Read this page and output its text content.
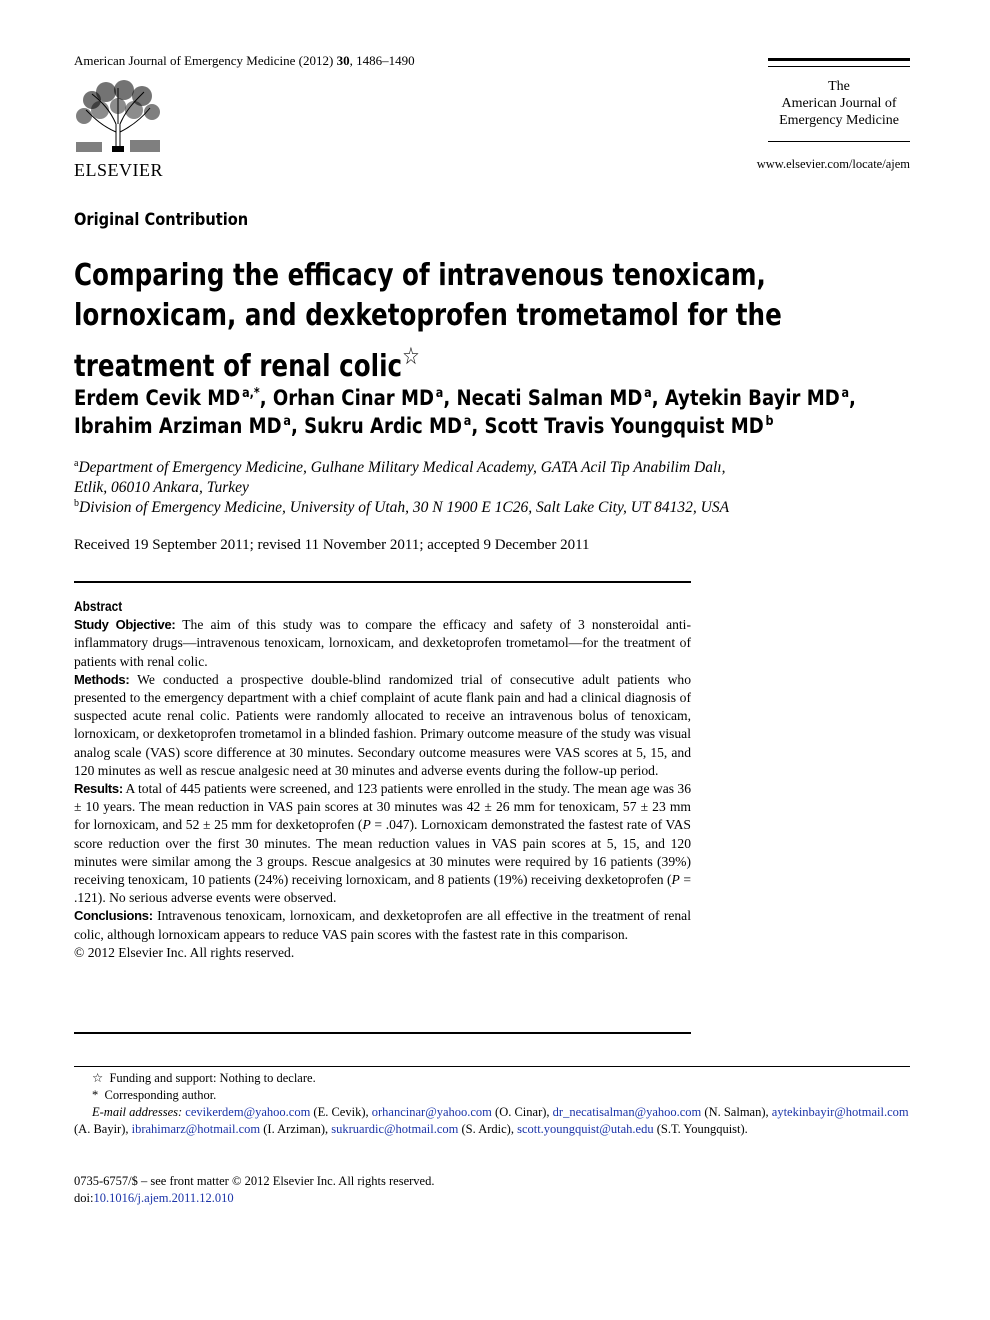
American Journal of Emergency Medicine (2012) 30, 1486–1490
ELSEVIER
The
American Journal of
Emergency Medicine
www.elsevier.com/locate/ajem
Original Contribution
Comparing the efficacy of intravenous tenoxicam,
lornoxicam, and dexketoprofen trometamol for the
treatment of renal colic☆
Erdem Cevik MD  $^{a,*}$, Orhan Cinar MD  $^a$, Necati Salman MD  $^a$, Aytekin Bayir MD  $^a$,
Ibrahim Arziman MD  $^a$, Sukru Ardic MD  $^a$, Scott Travis Youngquist MD  $^b$
$^a$Department of Emergency Medicine, Gulhane Military Medical Academy, GATA Acil Tip Anabilim Dalı,
Etlik, 06010 Ankara, Turkey
$^b$Division of Emergency Medicine, University of Utah, 30 N 1900 E 1C26, Salt Lake City, UT 84132, USA
Received 19 September 2011; revised 11 November 2011; accepted 9 December 2011
Abstract

Study Objective: The aim of this study was to compare the efficacy and safety of 3 nonsteroidal anti-inflammatory drugs—intravenous tenoxicam, lornoxicam, and dexketoprofen trometamol—for the treatment of patients with renal colic.

Methods: We conducted a prospective double-blind randomized trial of consecutive adult patients who presented to the emergency department with a chief complaint of acute flank pain and had a clinical diagnosis of suspected acute renal colic. Patients were randomly allocated to receive an intravenous bolus of tenoxicam, lornoxicam, or dexketoprofen trometamol in a blinded fashion. Primary outcome measure of the study was visual analog scale (VAS) score difference at 30 minutes. Secondary outcome measures were VAS scores at 5, 15, and 120 minutes as well as rescue analgesic need at 30 minutes and adverse events during the follow-up period.

Results: A total of 445 patients were screened, and 123 patients were enrolled in the study. The mean age was 36 ± 10 years. The mean reduction in VAS pain scores at 30 minutes was 42 ± 26 mm for tenoxicam, 57 ± 23 mm for lornoxicam, and 52 ± 25 mm for dexketoprofen (P = .047). Lornoxicam demonstrated the fastest rate of VAS score reduction over the first 30 minutes. The mean reduction values in VAS pain scores at 5, 15, and 120 minutes were similar among the 3 groups. Rescue analgesics at 30 minutes were required by 16 patients (39%) receiving tenoxicam, 10 patients (24%) receiving lornoxicam, and 8 patients (19%) receiving dexketoprofen (P = .121). No serious adverse events were observed.

Conclusions: Intravenous tenoxicam, lornoxicam, and dexketoprofen are all effective in the treatment of renal colic, although lornoxicam appears to reduce VAS pain scores with the fastest rate in this comparison.

© 2012 Elsevier Inc. All rights reserved.

☆ Funding and support: Nothing to declare.

* Corresponding author.

E-mail addresses: cevikerdem@yahoo.com (E. Cevik), orhancinar@yahoo.com (O. Cinar), dr_necatisalman@yahoo.com (N. Salman), aytekinbayir@hotmail.com (A. Bayir), ibrahimarz@hotmail.com (I. Arziman), sukruardic@hotmail.com (S. Ardic), scott.youngquist@utah.edu (S.T. Youngquist).

0735-6757/$ – see front matter © 2012 Elsevier Inc. All rights reserved.
doi:10.1016/j.ajem.2011.12.010
